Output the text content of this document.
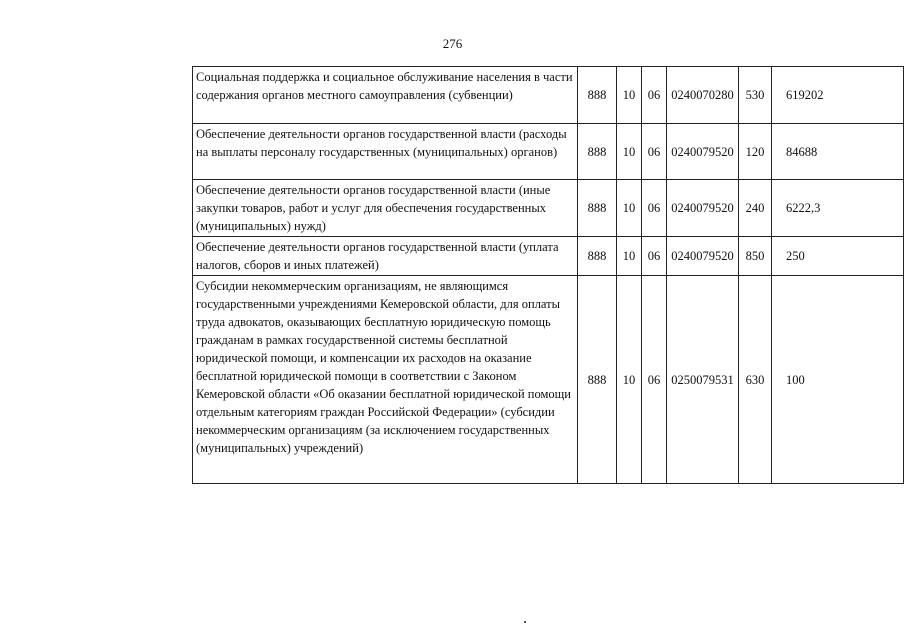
276
Социальная поддержка и социальное обслуживание населения в части содержания органов местного самоуправления (субвенции)	888	10	06	0240070280	530	619202
Обеспечение деятельности органов государственной власти (расходы на выплаты персоналу государственных (муниципальных) органов)	888	10	06	0240079520	120	84688
Обеспечение деятельности органов государственной власти (иные закупки товаров, работ и услуг для обеспечения государственных (муниципальных) нужд)	888	10	06	0240079520	240	6222,3
Обеспечение деятельности органов государственной власти (уплата налогов, сборов и иных платежей)	888	10	06	0240079520	850	250
Субсидии некоммерческим организациям, не являющимся государственными учреждениями Кемеровской области, для оплаты труда адвокатов, оказывающих бесплатную юридическую помощь гражданам в рамках государственной системы бесплатной юридической помощи, и компенсации их расходов на оказание бесплатной юридической помощи в соответствии с Законом Кемеровской области «Об оказании бесплатной юридической помощи отдельным категориям граждан Российской Федерации» (субсидии некоммерческим организациям (за исключением государственных (муниципальных) учреждений)	888	10	06	0250079531	630	100
